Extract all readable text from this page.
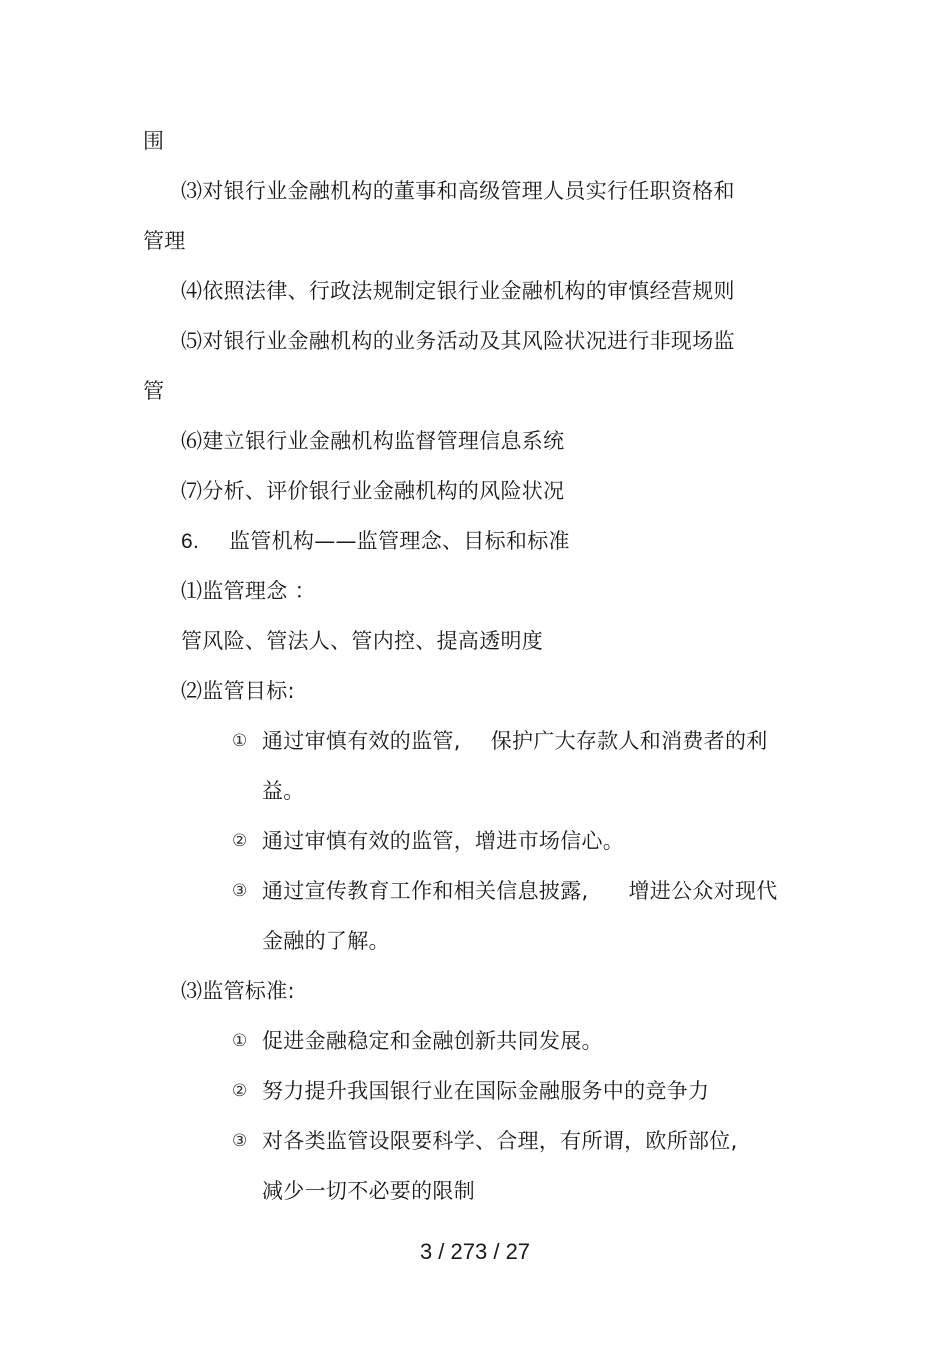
围
⑶对银行业金融机构的董事和高级管理人员实行任职资格和
管理
⑷依照法律、行政法规制定银行业金融机构的审慎经营规则
⑸对银行业金融机构的业务活动及其风险状况进行非现场监
管
⑹建立银行业金融机构监督管理信息系统
⑺分析、评价银行业金融机构的风险状况
6. 监管机构——监管理念、目标和标准
⑴监管理念 ：
管风险、管法人、管内控、提高透明度
⑵监管目标:
① 通过审慎有效的监管, 保护广大存款人和消费者的利
益。
② 通过审慎有效的监管，增进市场信心。
③ 通过宣传教育工作和相关信息披露, 增进公众对现代
金融的了解。
⑶监管标准:
① 促进金融稳定和金融创新共同发展。
② 努力提升我国银行业在国际金融服务中的竞争力
③ 对各类监管设限要科学、合理，有所谓，欧所部位,
减少一切不必要的限制
3 / 273 / 27
